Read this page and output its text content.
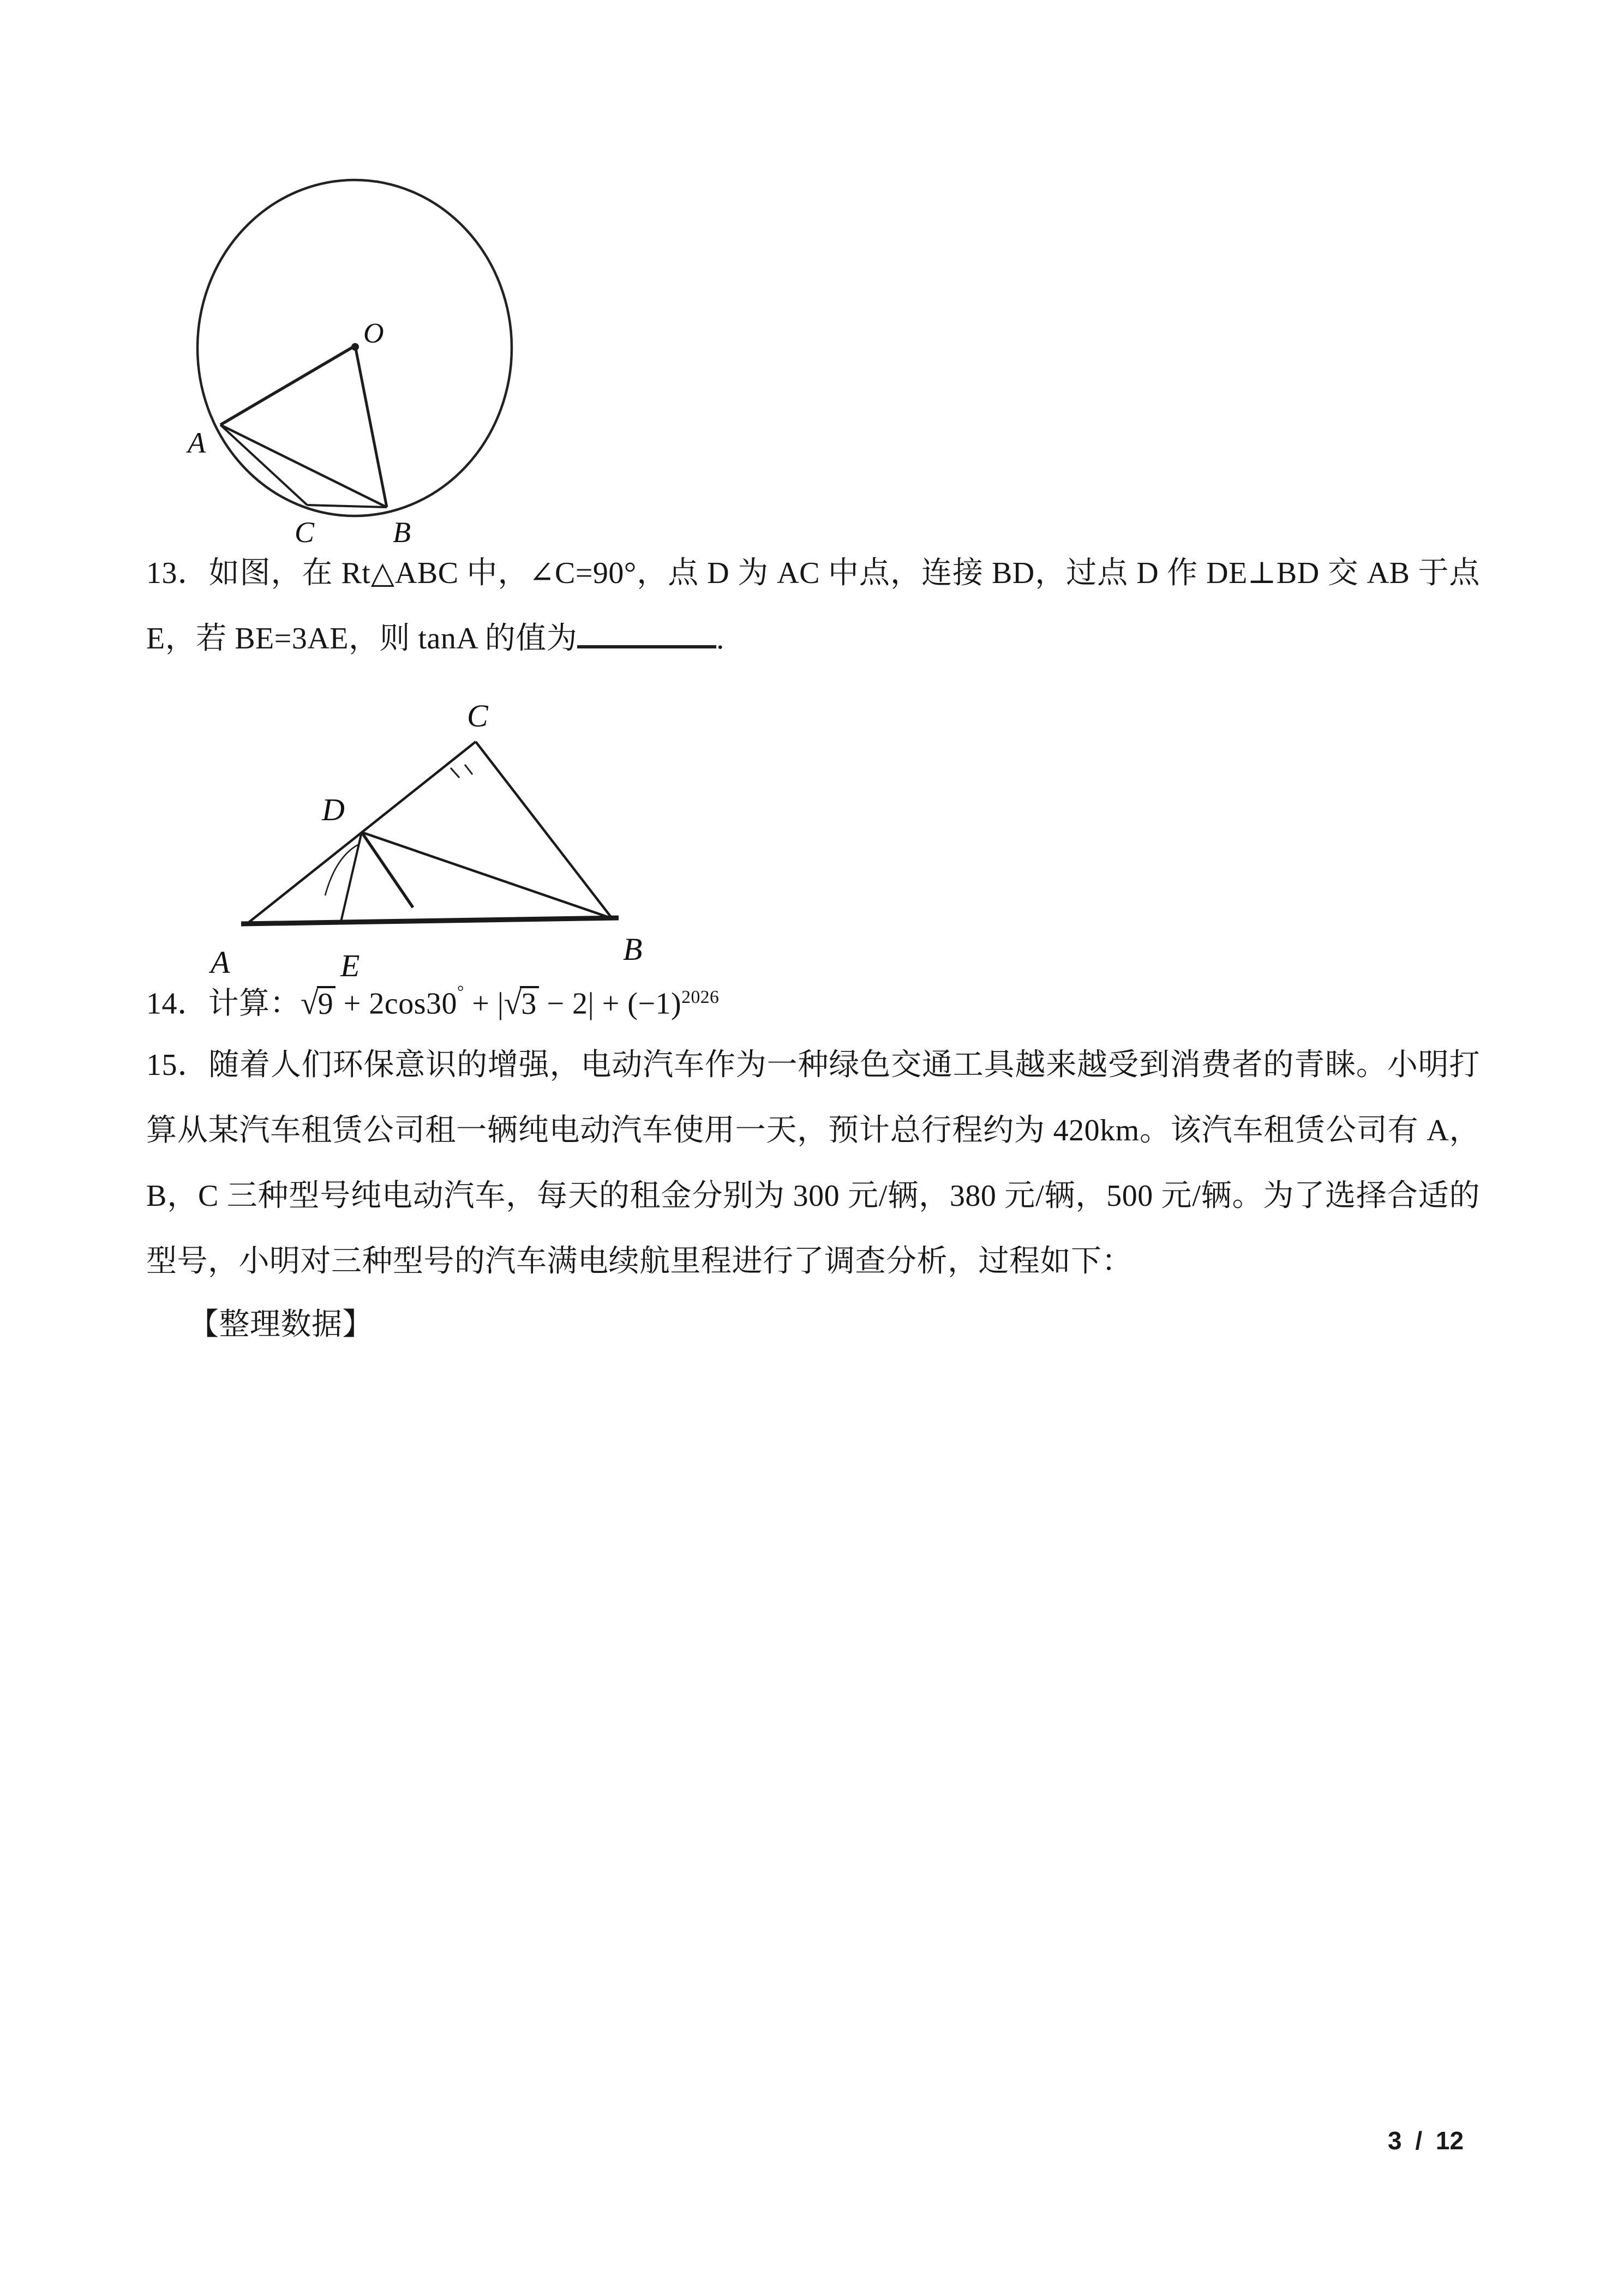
O
A
C	B
13．如图，在 Rt△ABC 中，∠C=90°，点 D 为 AC 中点，连接 BD，过点 D 作 DE⊥BD 交 AB 于点
E，若 BE=3AE，则 tanA 的值为	.
C
D
A	E	B
14．计算：$√9 + 2\cos 30^\circ + |√3 - 2| + (-1)^{2026}$
15．随着人们环保意识的增强，电动汽车作为一种绿色交通工具越来越受到消费者的青睐。小明打
算从某汽车租赁公司租一辆纯电动汽车使用一天，预计总行程约为 420km。该汽车租赁公司有 A，
B，C 三种型号纯电动汽车，每天的租金分别为 300 元/辆，380 元/辆，500 元/辆。为了选择合适的
型号，小明对三种型号的汽车满电续航里程进行了调查分析，过程如下：
【整理数据】
3 / 12
